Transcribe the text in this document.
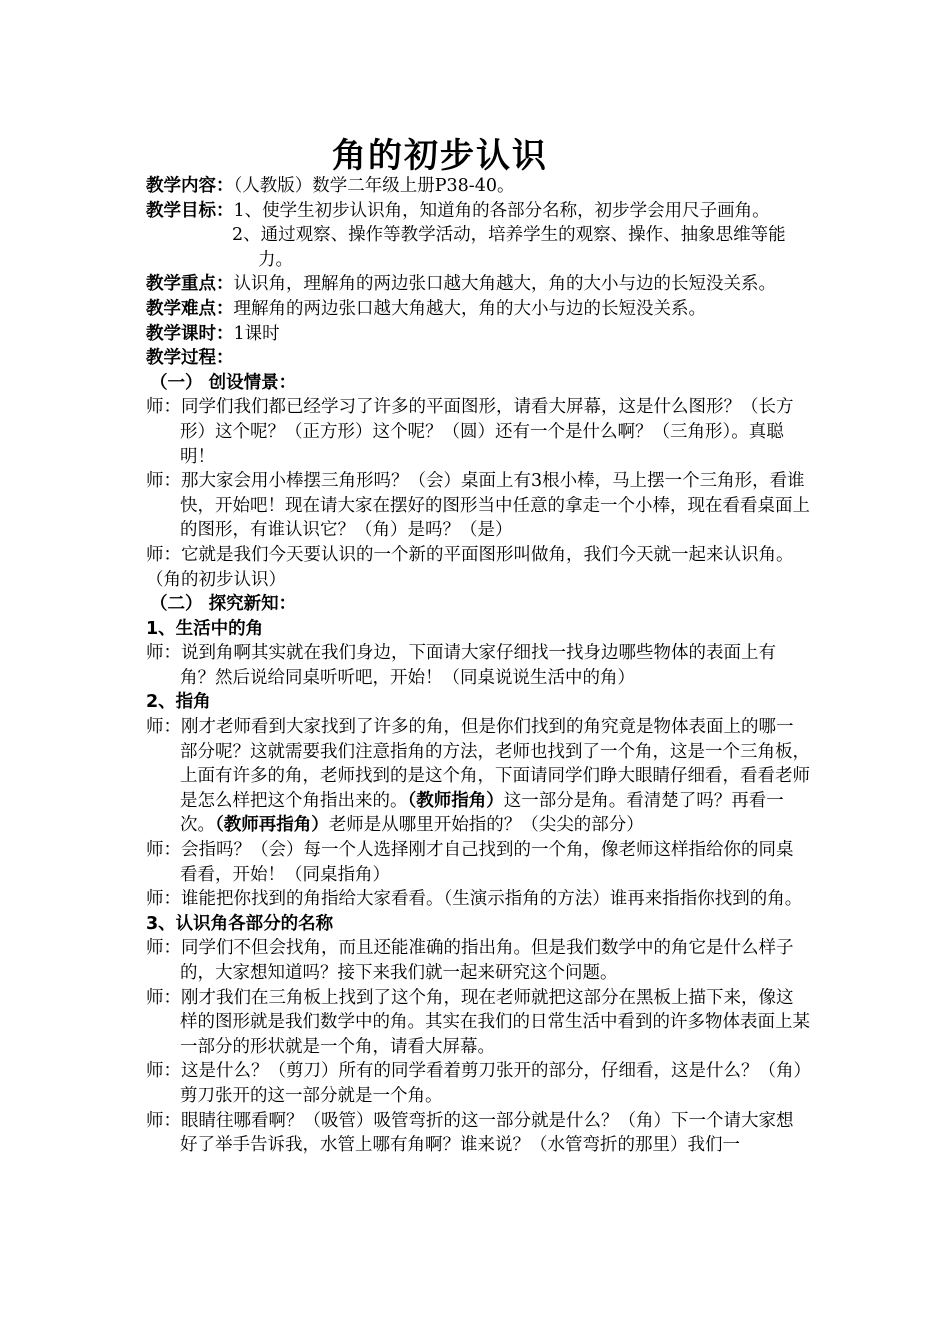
角的初步认识
教学内容：（人教版）数学二年级上册P38-40。
教学目标：1、使学生初步认识角，知道角的各部分名称，初步学会用尺子画角。
2、通过观察、操作等教学活动，培养学生的观察、操作、抽象思维等能力。
教学重点：认识角，理解角的两边张口越大角越大，角的大小与边的长短没关系。
教学难点：理解角的两边张口越大角越大，角的大小与边的长短没关系。
教学课时：1课时
教学过程：
（一） 创设情景：
师：同学们我们都已经学习了许多的平面图形，请看大屏幕，这是什么图形？（长方形）这个呢？（正方形）这个呢？（圆）还有一个是什么啊？（三角形）。真聪明！
师：那大家会用小棒摆三角形吗？（会）桌面上有3根小棒，马上摆一个三角形，看谁快，开始吧！现在请大家在摆好的图形当中任意的拿走一个小棒，现在看看桌面上的图形，有谁认识它？（角）是吗？（是）
师：它就是我们今天要认识的一个新的平面图形叫做角，我们今天就一起来认识角。（角的初步认识）
（二） 探究新知：
1、生活中的角
师：说到角啊其实就在我们身边，下面请大家仔细找一找身边哪些物体的表面上有角？然后说给同桌听听吧，开始！（同桌说说生活中的角）
2、指角
师：刚才老师看到大家找到了许多的角，但是你们找到的角究竟是物体表面上的哪一部分呢？这就需要我们注意指角的方法，老师也找到了一个角，这是一个三角板，上面有许多的角，老师找到的是这个角，下面请同学们睁大眼睛仔细看，看看老师是怎么样把这个角指出来的。（教师指角）这一部分是角。看清楚了吗？再看一次。（教师再指角）老师是从哪里开始指的？（尖尖的部分）
师：会指吗？（会）每一个人选择刚才自己找到的一个角，像老师这样指给你的同桌看看，开始！（同桌指角）
师：谁能把你找到的角指给大家看看。（生演示指角的方法）谁再来指指你找到的角。
3、认识角各部分的名称
师：同学们不但会找角，而且还能准确的指出角。但是我们数学中的角它是什么样子的，大家想知道吗？接下来我们就一起来研究这个问题。
师：刚才我们在三角板上找到了这个角，现在老师就把这部分在黑板上描下来，像这样的图形就是我们数学中的角。其实在我们的日常生活中看到的许多物体表面上某一部分的形状就是一个角，请看大屏幕。
师：这是什么？（剪刀）所有的同学看着剪刀张开的部分，仔细看，这是什么？（角）剪刀张开的这一部分就是一个角。
师：眼睛往哪看啊？（吸管）吸管弯折的这一部分就是什么？（角）下一个请大家想好了举手告诉我，水管上哪有角啊？谁来说？（水管弯折的那里）我们一
